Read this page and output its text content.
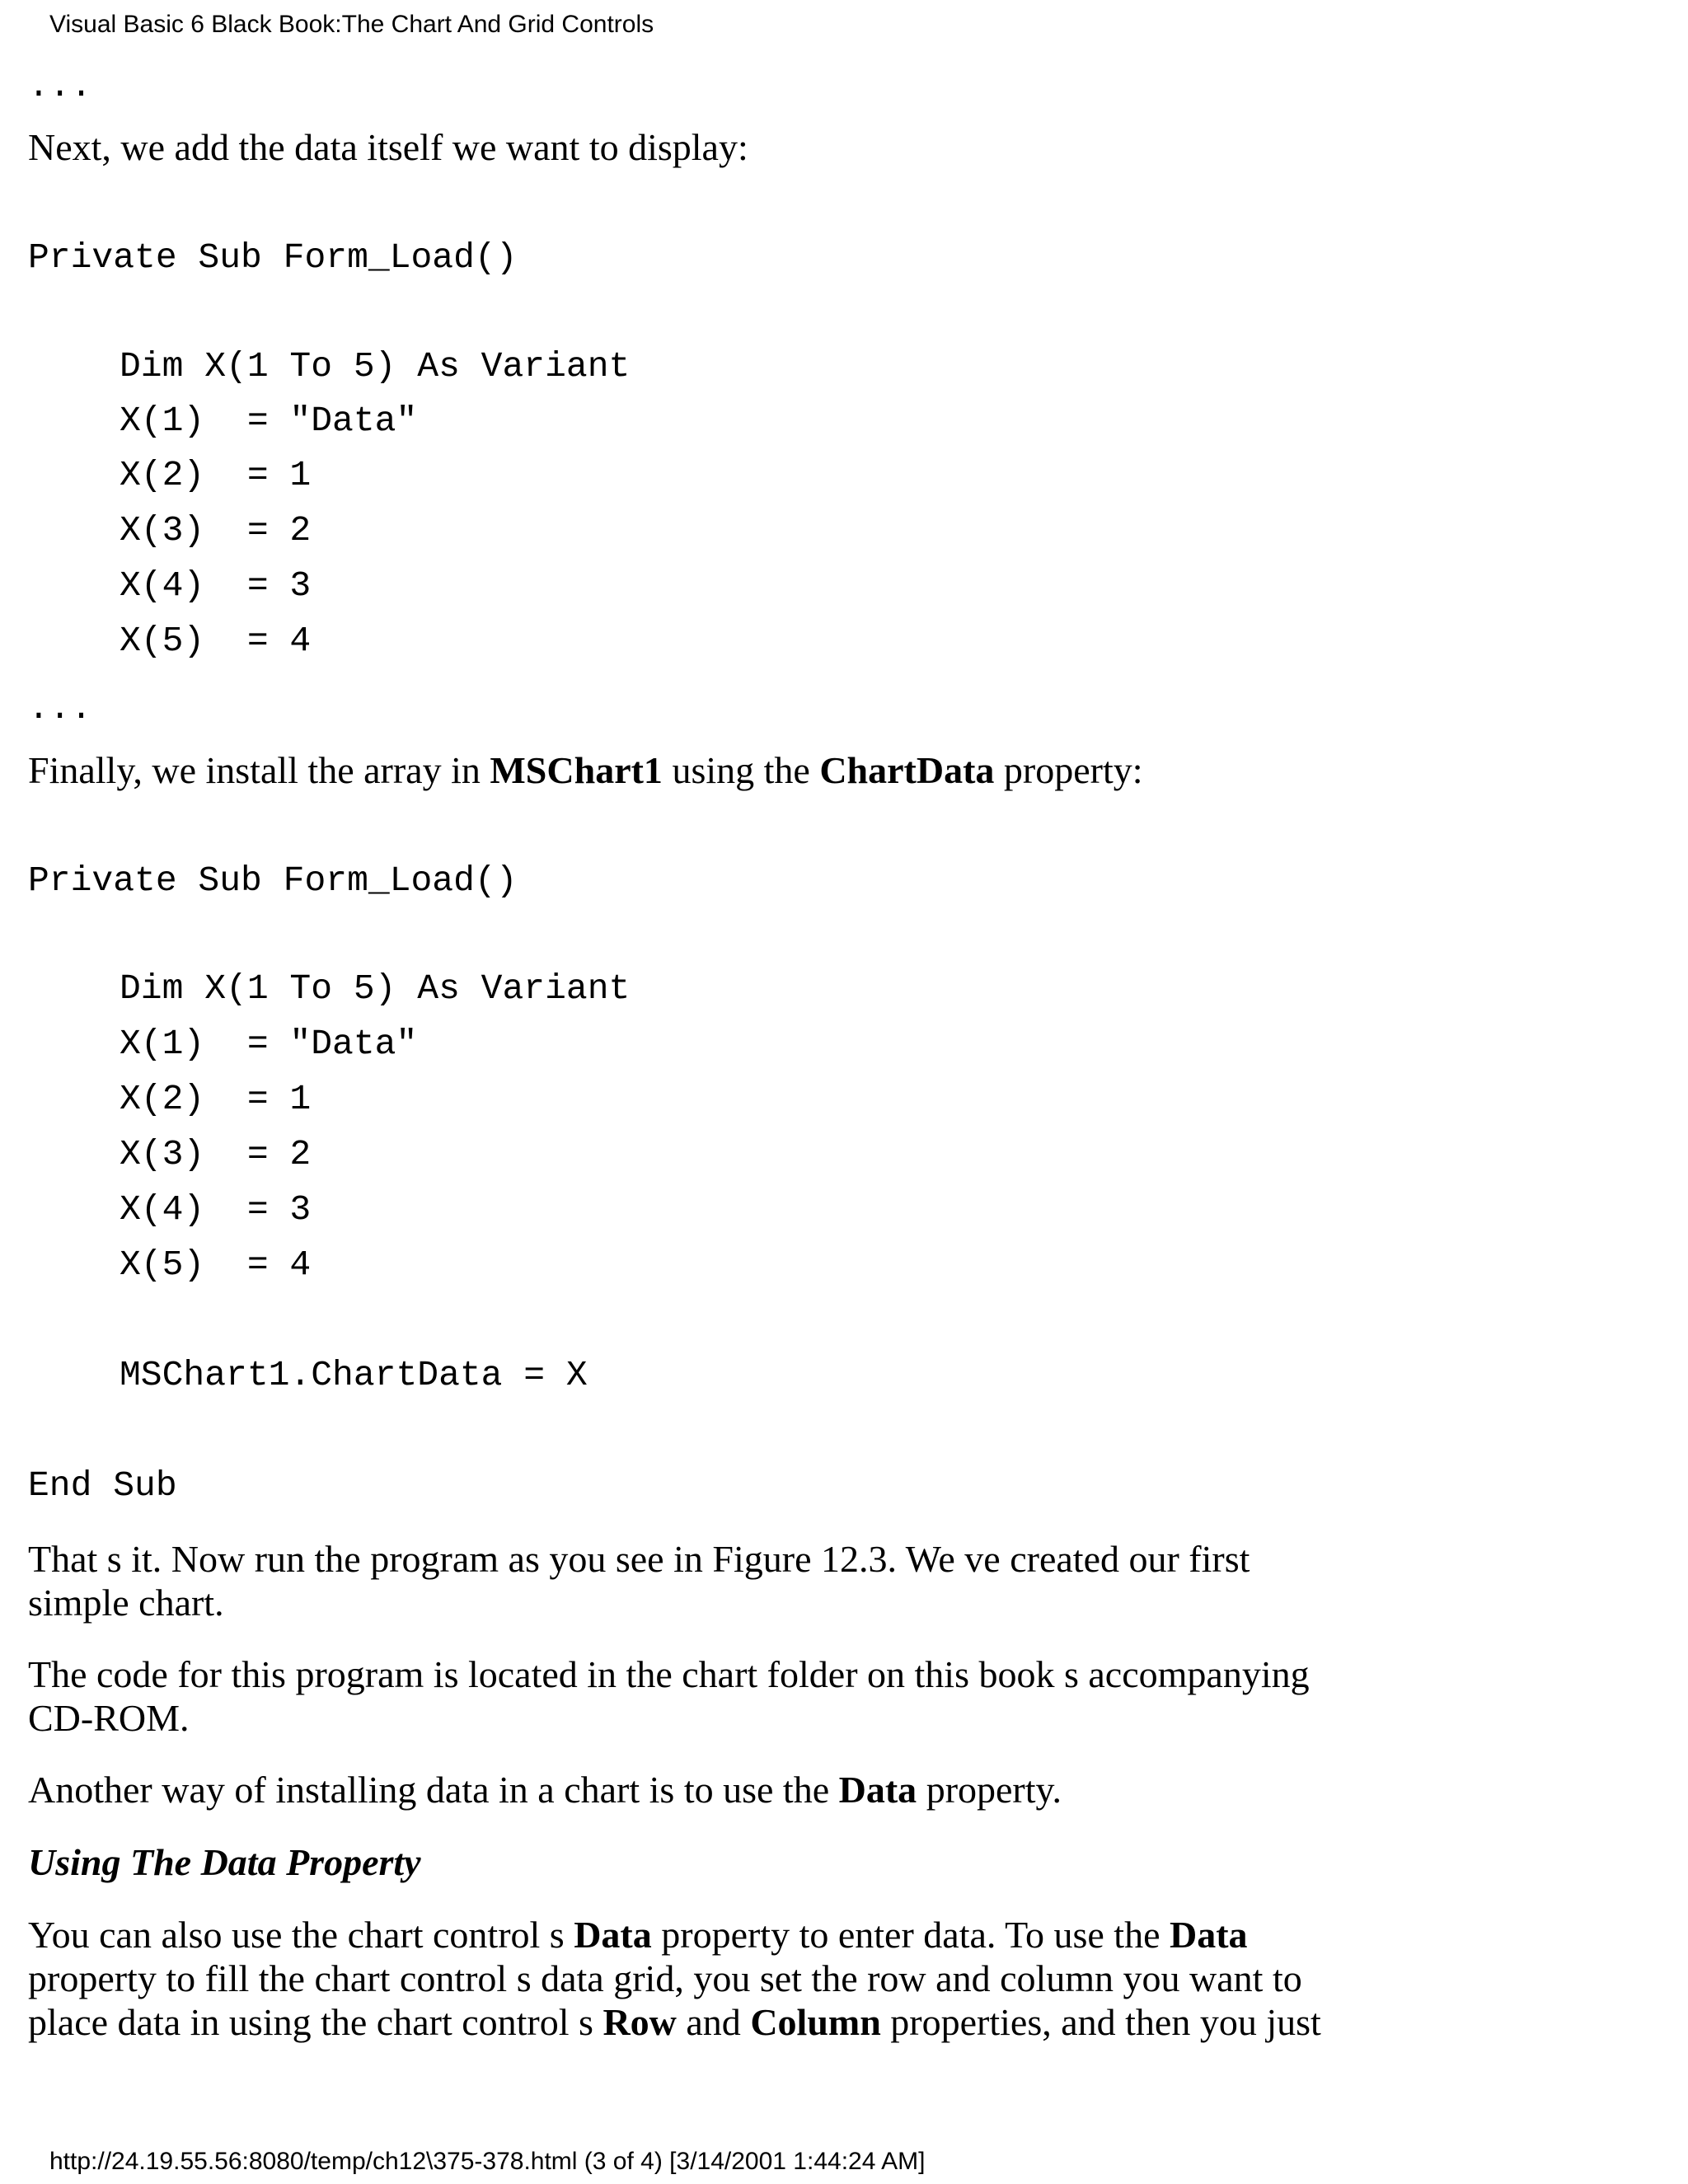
Visual Basic 6 Black Book:The Chart And Grid Controls
...
Next, we add the data itself we want to display:
Private Sub Form_Load()
Dim X(1 To 5) As Variant
X(1)  = "Data"
X(2)  = 1
X(3)  = 2
X(4)  = 3
X(5)  = 4
...
Finally, we install the array in MSChart1 using the ChartData property:
Private Sub Form_Load()
Dim X(1 To 5) As Variant
X(1)  = "Data"
X(2)  = 1
X(3)  = 2
X(4)  = 3
X(5)  = 4
MSChart1.ChartData = X
End Sub
That s it. Now run the program as you see in Figure 12.3. We ve created our first
simple chart.
The code for this program is located in the chart folder on this book s accompanying
CD-ROM.
Another way of installing data in a chart is to use the Data property.
Using The Data Property
You can also use the chart control s Data property to enter data. To use the Data
property to fill the chart control s data grid, you set the row and column you want to
place data in using the chart control s Row and Column properties, and then you just
http://24.19.55.56:8080/temp/ch12\375-378.html (3 of 4) [3/14/2001 1:44:24 AM]
